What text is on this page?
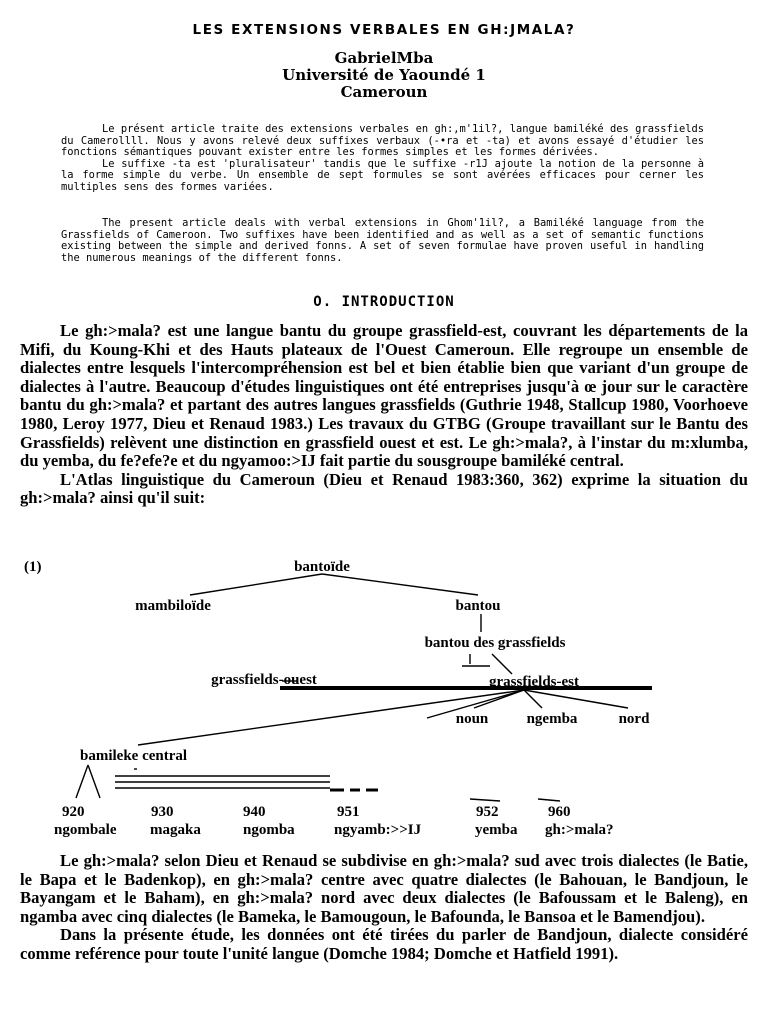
LES EXTENSIONS VERBALES EN GH:JMALA?
GabrielMba
Université de Yaoundé 1
Cameroun

Le présent article traite des extensions verbales en gh:,m'1il?, langue bamiléké des grassfields du Camerollll. Nous y avons relevé deux suffixes verbaux (-•ra et -ta) et avons essayé d'étudier les fonctions sémantiques pouvant exister entre les formes simples et les formes dérivées.

Le suffixe -ta est 'pluralisateur' tandis que le suffixe -r1J ajoute la notion de la personne à la forme simple du verbe. Un ensemble de sept formules se sont avérées efficaces pour cerner les multiples sens des formes variées.

The present article deals with verbal extensions in Ghom'1il?, a Bamiléké language from the Grassfields of Cameroon. Two suffixes have been identified and as well as a set of semantic functions existing between the simple and derived fonns. A set of seven formulae have proven useful in handling the numerous meanings of the different fonns.

O. INTRODUCTION

Le gh:>mala? est une langue bantu du groupe grassfield-est, couvrant les départements de la Mifi, du Koung-Khi et des Hauts plateaux de l'Ouest Cameroun. Elle regroupe un ensemble de dialectes entre lesquels l'intercompréhension est bel et bien établie bien que variant d'un groupe de dialectes à l'autre. Beaucoup d'études linguistiques ont été entreprises jusqu'à œ jour sur le caractère bantu du gh:>mala? et partant des autres langues grassfields (Guthrie 1948, Stallcup 1980, Voorhoeve 1980, Leroy 1977, Dieu et Renaud 1983.) Les travaux du GTBG (Groupe travaillant sur le Bantu des Grassfields) relèvent une distinction en grassfield ouest et est. Le gh:>mala?, à l'instar du m:xlumba, du yemba, du fe?efe?e et du ngyamoo:>IJ fait partie du sousgroupe bamiléké central.

L'Atlas linguistique du Cameroun (Dieu et Renaud 1983:360, 362) exprime la situation du gh:>mala? ainsi qu'il suit:

(1)	bantoïde
mambiloïde	bantou
bantou des grassfields
grassfields-ouest	grassfields-est
noun	ngemba	nord
bamileke central
920
ngombale
930
magaka
940
ngomba
951
ngyamb:>>IJ
952
yemba
960
gh:>mala?

Le gh:>mala? selon Dieu et Renaud se subdivise en gh:>mala? sud avec trois dialectes (le Batie, le Bapa et le Badenkop), en gh:>mala? centre avec quatre dialectes (le Bahouan, le Bandjoun, le Bayangam et le Baham), en gh:>mala? nord avec deux dialectes (le Bafoussam et le Baleng), en ngamba avec cinq dialectes (le Bameka, le Bamougoun, le Bafounda, le Bansoa et le Bamendjou).

Dans la présente étude, les données ont été tirées du parler de Bandjoun, dialecte considéré comme reférence pour toute l'unité langue (Domche 1984; Domche et Hatfield 1991).
